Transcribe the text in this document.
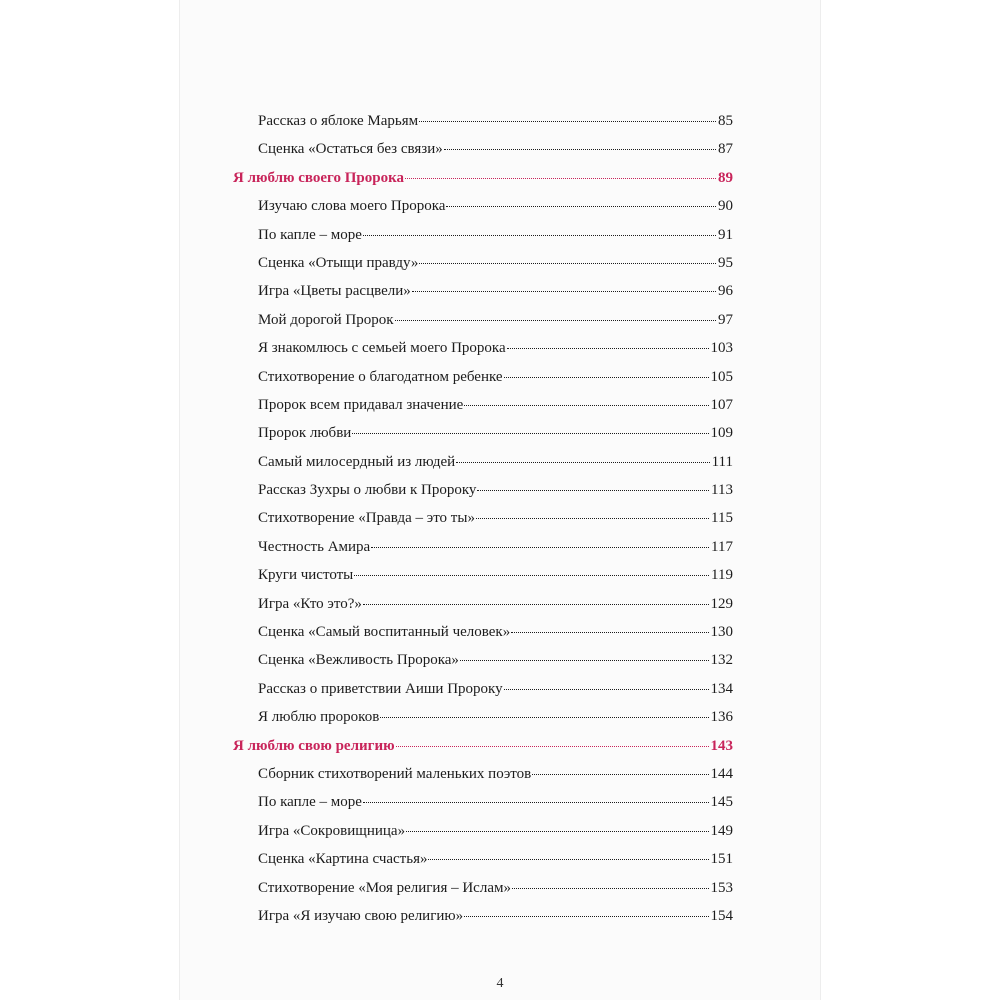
Рассказ о яблоке Марьям	85
Сценка «Остаться без связи»	87
Я люблю своего Пророка	89
Изучаю слова моего Пророка	90
По капле – море	91
Сценка «Отыщи правду»	95
Игра «Цветы расцвели»	96
Мой дорогой Пророк	97
Я знакомлюсь с семьей моего Пророка	103
Стихотворение о благодатном ребенке	105
Пророк всем придавал значение	107
Пророк любви	109
Самый милосердный из людей	111
Рассказ Зухры о любви к Пророку	113
Стихотворение «Правда – это ты»	115
Честность Амира	117
Круги чистоты	119
Игра «Кто это?»	129
Сценка «Самый воспитанный человек»	130
Сценка «Вежливость Пророка»	132
Рассказ о приветствии Аиши Пророку	134
Я люблю пророков	136
Я люблю свою религию	143
Сборник стихотворений маленьких поэтов	144
По капле – море	145
Игра «Сокровищница»	149
Сценка «Картина счастья»	151
Стихотворение «Моя религия – Ислам»	153
Игра «Я изучаю свою религию»	154
4
